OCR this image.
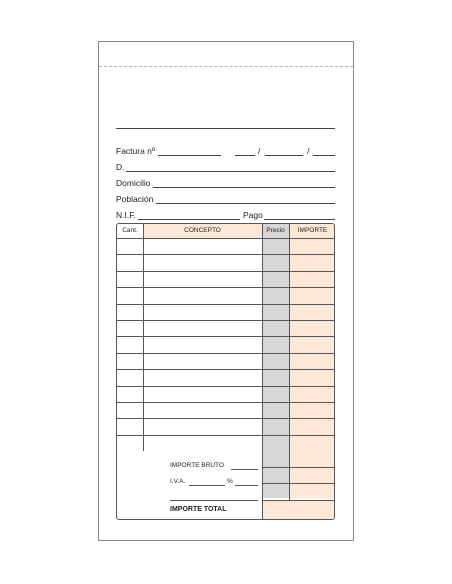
Factura nº	/	/
D.
Domicilio
Población
N.I.F.	Pago
Cant.	CONCEPTO	Precio	IMPORTE
IMPORTE BRUTO
I.V.A.	%
IMPORTE TOTAL
